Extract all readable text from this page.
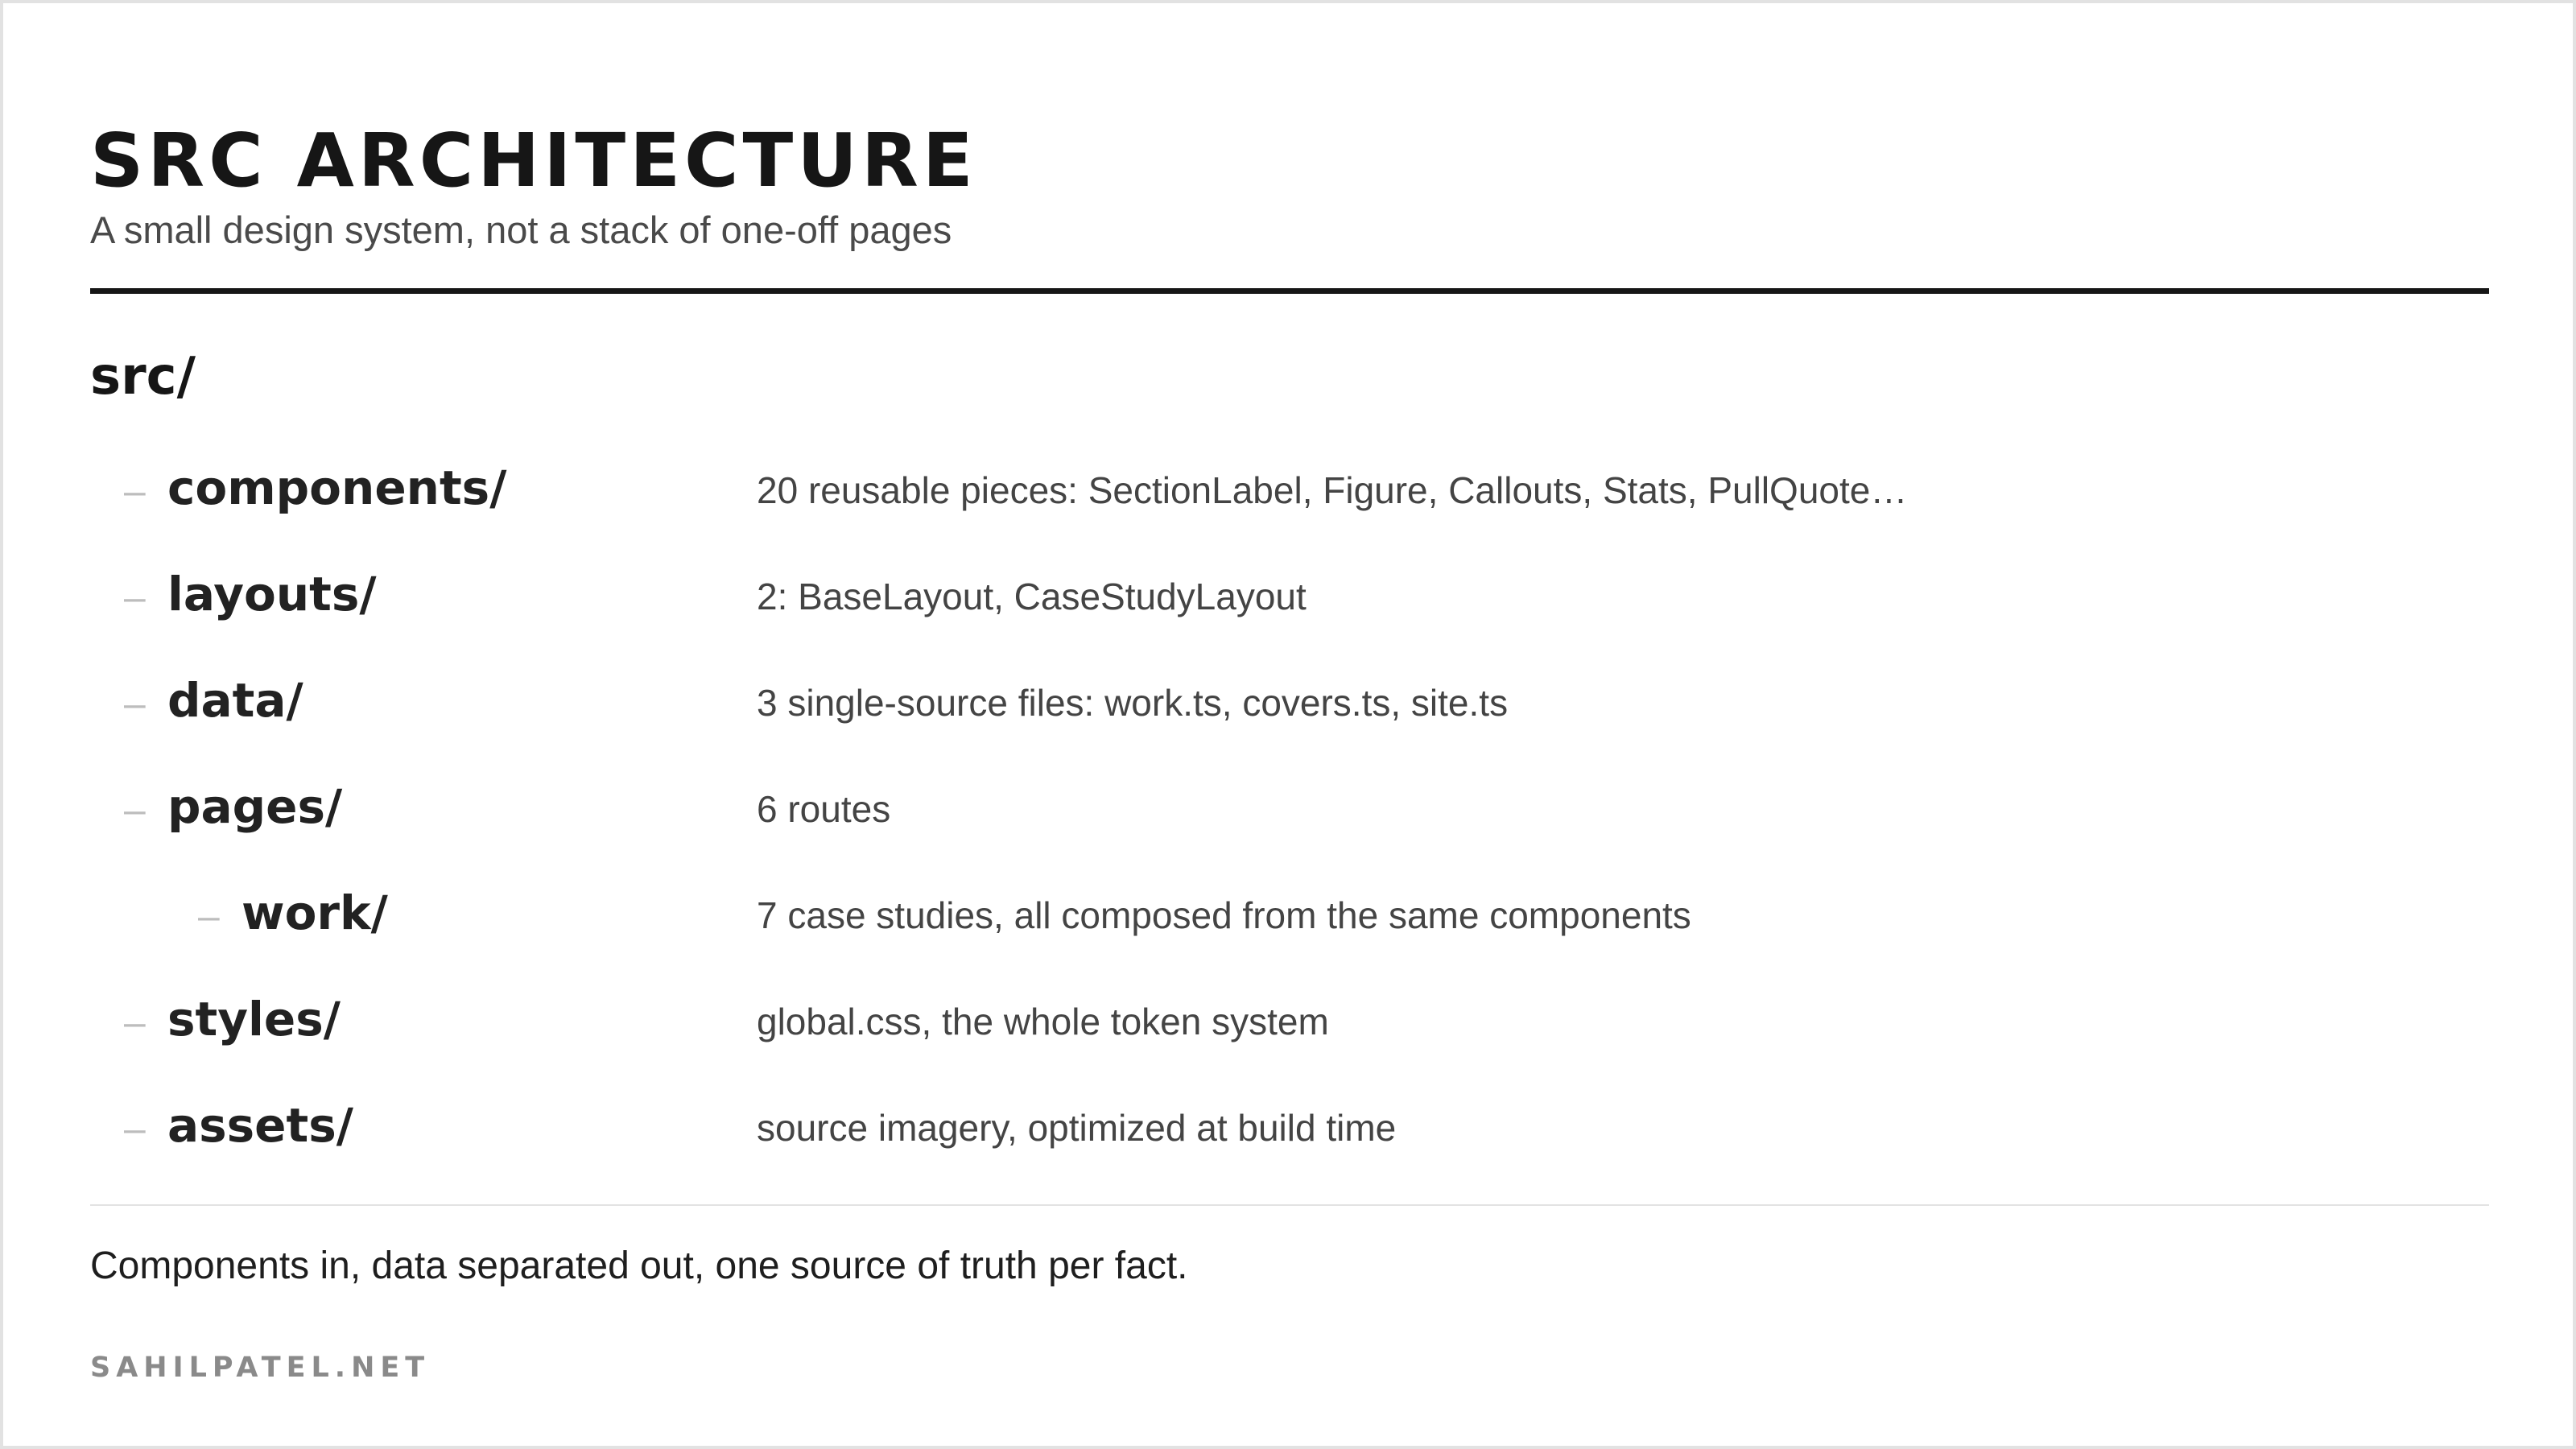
SRC ARCHITECTURE
A small design system, not a stack of one-off pages
src/
– components/	20 reusable pieces: SectionLabel, Figure, Callouts, Stats, PullQuote…
– layouts/	2: BaseLayout, CaseStudyLayout
– data/	3 single-source files: work.ts, covers.ts, site.ts
– pages/	6 routes
– work/	7 case studies, all composed from the same components
– styles/	global.css, the whole token system
– assets/	source imagery, optimized at build time
Components in, data separated out, one source of truth per fact.
SAHILPATEL.NET
